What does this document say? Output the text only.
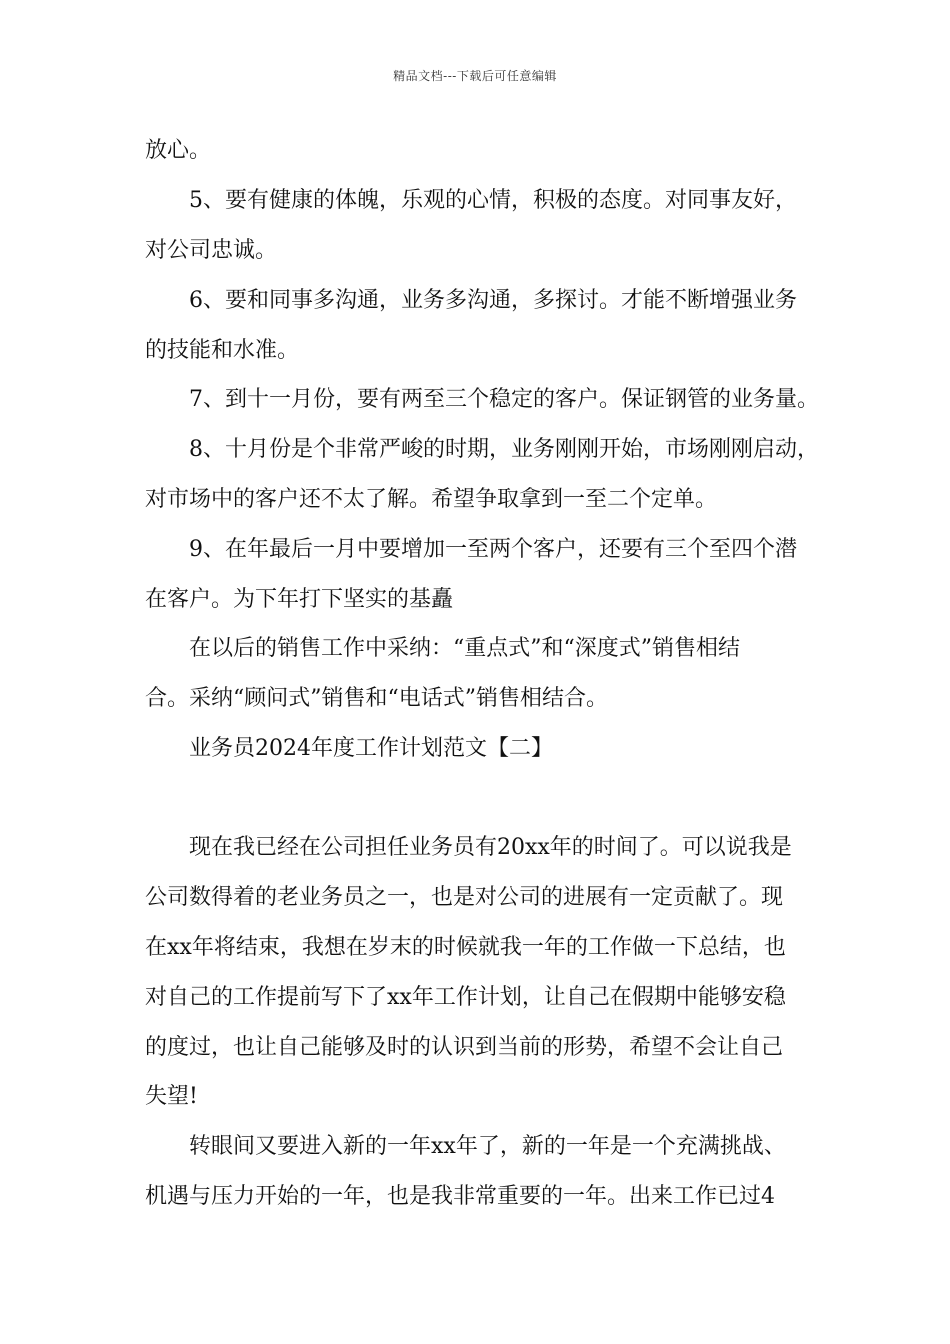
精品文档---下载后可任意编辑
放心。
5、要有健康的体魄，乐观的心情，积极的态度。对同事友好，
对公司忠诚。
6、要和同事多沟通，业务多沟通，多探讨。才能不断增强业务
的技能和水准。
7、到十一月份，要有两至三个稳定的客户。保证钢管的业务量。
8、十月份是个非常严峻的时期，业务刚刚开始，市场刚刚启动，
对市场中的客户还不太了解。希望争取拿到一至二个定单。
9、在年最后一月中要增加一至两个客户，还要有三个至四个潜
在客户。为下年打下坚实的基矗
在以后的销售工作中采纳：“重点式”和“深度式”销售相结
合。采纳“顾问式”销售和“电话式”销售相结合。
业务员2024年度工作计划范文【二】
现在我已经在公司担任业务员有20xx年的时间了。可以说我是
公司数得着的老业务员之一，也是对公司的进展有一定贡献了。现
在xx年将结束，我想在岁末的时候就我一年的工作做一下总结，也
对自己的工作提前写下了xx年工作计划，让自己在假期中能够安稳
的度过，也让自己能够及时的认识到当前的形势，希望不会让自己
失望!
转眼间又要进入新的一年xx年了，新的一年是一个充满挑战、
机遇与压力开始的一年，也是我非常重要的一年。出来工作已过4
